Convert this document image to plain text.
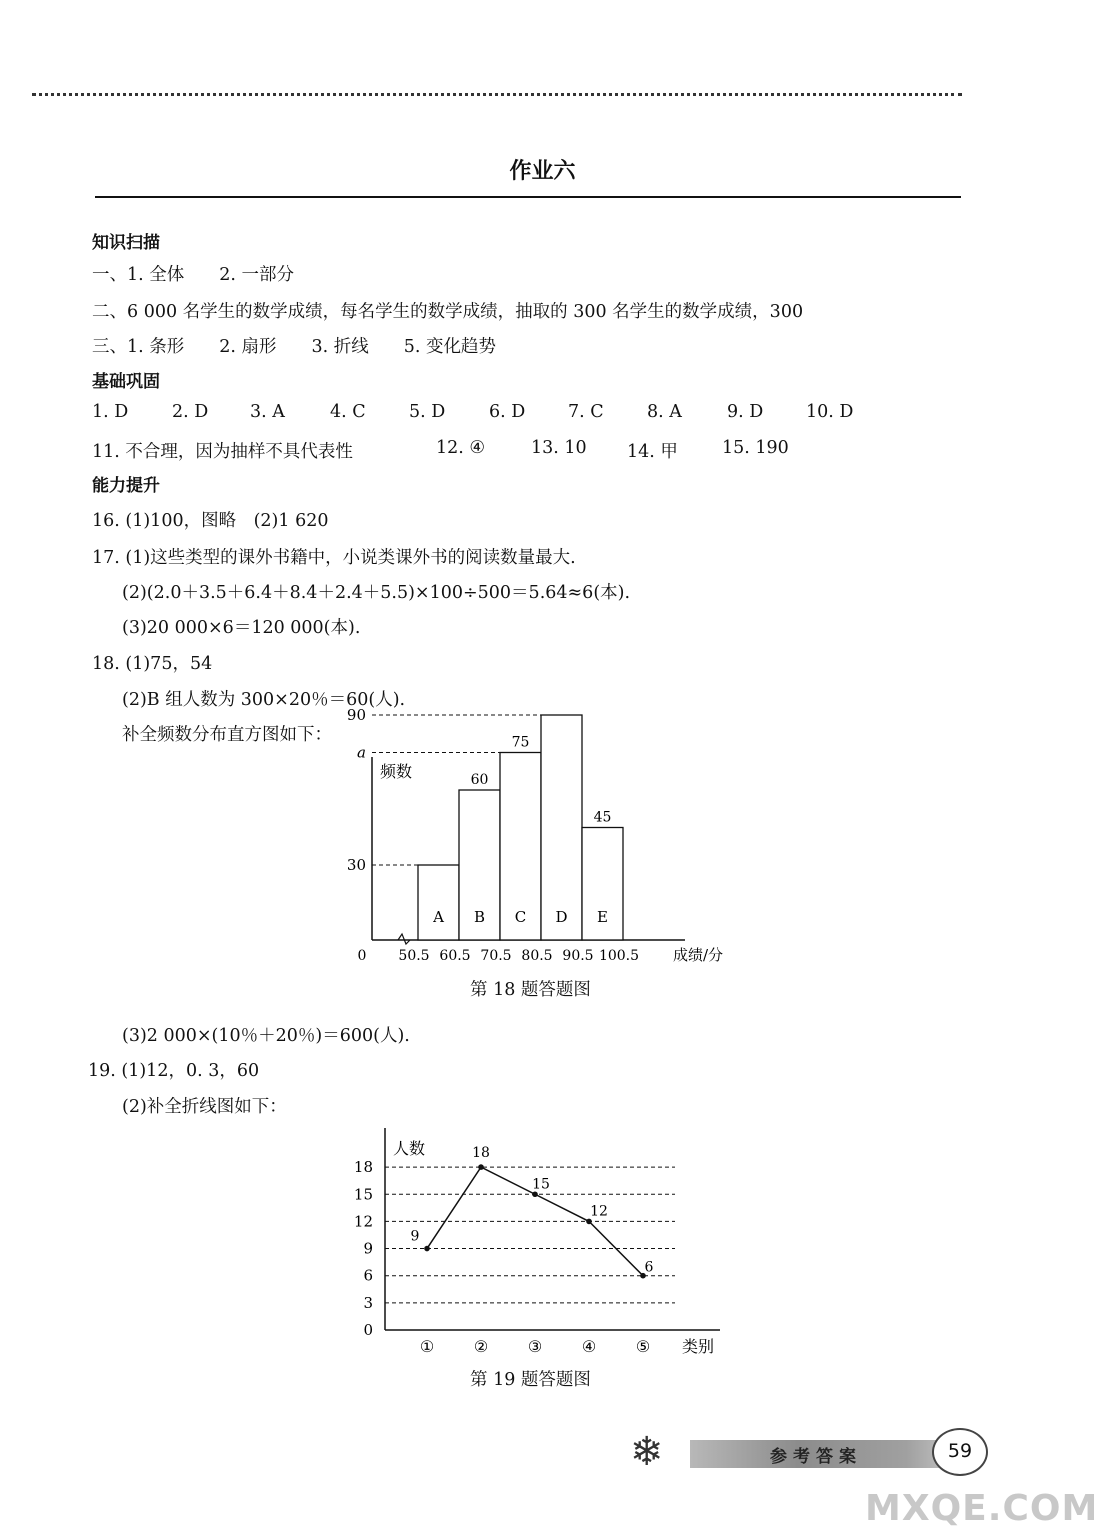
作业六
知识扫描
一、1. 全体　　2. 一部分
二、6 000 名学生的数学成绩，每名学生的数学成绩，抽取的 300 名学生的数学成绩，300
三、1. 条形　　2. 扇形　　3. 折线　　5. 变化趋势
基础巩固
1. D 2. D 3. A	4. C 5. D 6. D 7. C 8. A	9. D 10. D
11. 不合理，因为抽样不具代表性	12. ④	13. 10 14. 甲	15. 190
能力提升
16. (1)100，图略　(2)1 620
17. (1)这些类型的课外书籍中，小说类课外书的阅读数量最大.
(2)(2.0＋3.5＋6.4＋8.4＋2.4＋5.5)×100÷500＝5.64≈6(本).
(3)20 000×6＝120 000(本).
18. (1)75，54
(2)B 组人数为 300×20％＝60(人).
补全频数分布直方图如下：
频数
成绩/分
0
30
a
90
A B
60
C
75
D E
45
50.5 60.5 70.5 80.5 90.5 100.5
第 18 题答题图
(3)2 000×(10％＋20％)＝600(人).
19. (1)12，0. 3，60
(2)补全折线图如下：
人数
类别
0
3
6
9
12
15
18
9
①
18
②
15
③
12
④
6
⑤
第 19 题答题图
❄	参考答案	59
MXQE.COM
